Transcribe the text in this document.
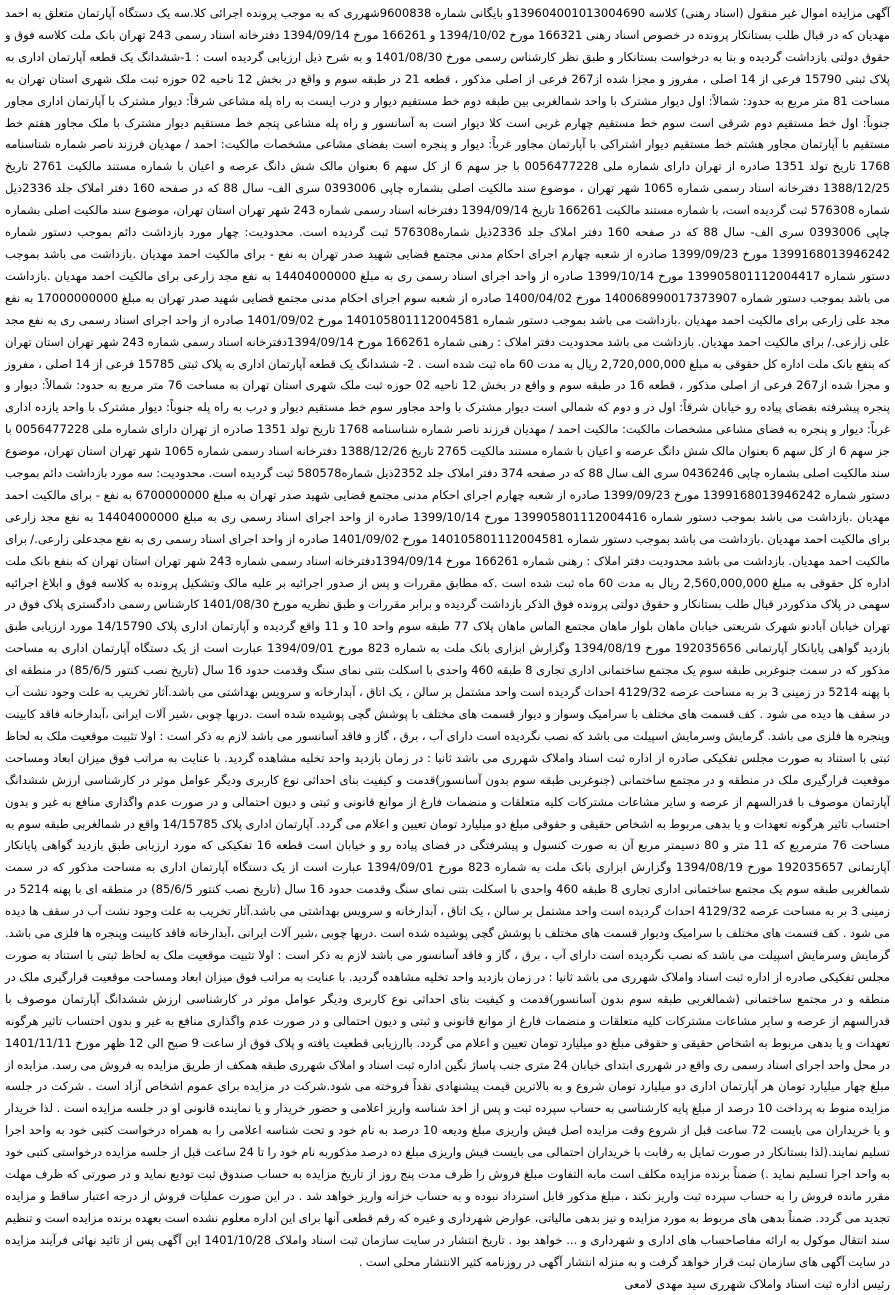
آگهی مزایده اموال غیر منقول (اسناد رهنی) کلاسه 139604001013004690و بایگانی شماره 9600838شهرری که به موجب پرونده اجرائی کلا.سه یک دستگاه آپارتمان متعلق به احمد مهدیان که در قبال طلب بستانکار پرونده در خصوص اسناد رهنی 166321 مورخ 1394/10/02 و 166261 مورخ 1394/09/14 دفترخانه اسناد رسمی 243 تهران بانک ملت کلاسه فوق و حقوق دولتی بازداشت گردیده و بنا به درخواست بستانکار و طبق نظر کارشناس رسمی مورخ 1401/08/30 و به شرح ذیل ارزیابی گردیده است : 1-ششدانگ یک قطعه آپارتمان اداری به پلاک ثبتی 15790 فرعی از 14 اصلی ، مفروز و مجزا شده از267 فرعی از اصلی مذکور ، قطعه 21 در طبقه سوم و واقع در بخش 12 ناحیه 02 حوزه ثبت ملک شهری استان تهران به مساحت 81 متر مربع به حدود: شمالاً: اول دیوار مشترک با واحد شمالغربی بین طبقه دوم خط مستقیم دیوار و درب ایست به راه پله مشاعی شرقاً: دیوار مشترک با آپارتمان اداری مجاور جنوباً: اول خط مستقیم دوم شرقی است سوم خط مستقیم چهارم غربی است کلا دیوار است به آسانسور و راه پله مشاعی پنجم خط مستقیم دیوار مشترک با ملک مجاور هفتم خط مستقیم با آپارتمان مجاور هشتم خط مستقیم دیوار اشتراکی با آپارتمان مجاور غرباً: دیوار و پنجره است بفضای مشاعی مشخصات مالکیت: احمد / مهدیان فرزند ناصر شماره شناسنامه 1768 تاریخ تولد 1351 صادره از تهران دارای شماره ملی 0056477228 با جز سهم 6 از کل سهم 6 بعنوان مالک شش دانگ عرصه و اعیان با شماره مستند مالکیت 2761 تاریخ 1388/12/25 دفترخانه اسناد رسمی شماره 1065 شهر تهران ، موضوع سند مالکیت اصلی بشماره چاپی 0393006 سری الف- سال 88 که در صفحه 160 دفتر املاک جلد 2336ذیل شماره 576308 ثبت گردیده است، با شماره مستند مالکیت 166261 تاریخ 1394/09/14 دفترخانه اسناد رسمی شماره 243 شهر تهران استان تهران، موضوع سند مالکیت اصلی بشماره چاپی 0393006 سری الف- سال 88 که در صفحه 160 دفتر املاک جلد 2336ذیل شماره576308 ثبت گردیده است. محدودیت: چهار مورد بازداشت دائم بموجب دستور شماره 1399168013946242 مورخ 1399/09/23 صادره از شعبه چهارم اجرای احکام مدنی مجتمع قضایی شهید صدر تهران به نفع - برای مالکیت احمد مهدیان .بازداشت می باشد بموجب دستور شماره 139905801112004417 مورخ 1399/10/14 صادره از واحد اجرای اسناد رسمی ری به مبلغ 14404000000 به نفع مجد زارعی برای مالکیت احمد مهدیان .بازداشت می باشد بموجب دستور شماره 140068990017373907 مورخ 1400/04/02 صادره از شعبه سوم اجرای احکام مدنی مجتمع قضایی شهید صدر تهران به مبلغ 17000000000 به نفع مجد علی زارعی برای مالکیت احمد مهدیان .بازداشت می باشد بموجب دستور شماره 140105801112004581 مورخ 1401/09/02 صادره از واحد اجرای اسناد رسمی ری به نفع مجد علی زارعی./ برای مالکیت احمد مهدیان. بازداشت می باشد محدودیت دفتر املاک : رهنی شماره 166261 مورخ 1394/09/14دفترخانه اسناد رسمی شماره 243 شهر تهران استان تهران که بنفع بانک ملت اداره کل حقوقی به مبلغ 2,720,000,000 ریال به مدت 60 ماه ثبت شده است . 2- ششدانگ یک قطعه آپارتمان اداری به پلاک ثبتی 15785 فرعی از 14 اصلی ، مفروز و مجزا شده از267 فرعی از اصلی مذکور ، قطعه 16 در طبقه سوم و واقع در بخش 12 ناحیه 02 حوزه ثبت ملک شهری استان تهران به مساحت 76 متر مربع به حدود: شمالاً: دیوار و پنجره پیشرفته بفضای پیاده رو خیابان شرقاً: اول در و دوم که شمالی است دیوار مشترک با واحد مجاور سوم خط مستقیم دیوار و درب به راه پله جنوباً: دیوار مشترک با واحد یازده اداری غرباً: دیوار و پنجره به فضای مشاعی مشخصات مالکیت: مالکیت احمد / مهدیان فرزند ناصر شماره شناسنامه 1768 تاریخ تولد 1351 صادره از تهران دارای شماره ملی 0056477228 با جز سهم 6 از کل سهم 6 بعنوان مالک شش دانگ عرصه و اعیان با شماره مستند مالکیت 2765 تاریخ 1388/12/26 دفترخانه اسناد رسمی شماره 1065 شهر تهران استان تهران، موضوع سند مالکیت اصلی بشماره چاپی 0436246 سری الف سال 88 که در صفحه 374 دفتر املاک جلد 2352ذیل شماره580578 ثبت گردیده است. محدودیت: سه مورد بازداشت دائم بموجب دستور شماره 1399168013946242 مورخ 1399/09/23 صادره از شعبه چهارم اجرای احکام مدنی مجتمع قضایی شهید صدر تهران به مبلغ 6700000000 به نفع - برای مالکیت احمد مهدیان .بازداشت می باشد بموجب دستور شماره 139905801112004416 مورخ 1399/10/14 صادره از واحد اجرای اسناد رسمی ری به مبلغ 14404000000 به نفع مجد زارعی برای مالکیت احمد مهدیان .بازداشت می باشد بموجب دستور شماره 140105801112004581 مورخ 1401/09/02 صادره از واحد اجرای اسناد رسمی ری به نفع مجدعلی زارعی./ برای مالکیت احمد مهدیان. بازداشت می باشد محدودیت دفتر املاک : رهنی شماره 166261 مورخ 1394/09/14دفترخانه اسناد رسمی شماره 243 شهر تهران استان تهران که بنفع بانک ملت اداره کل حقوقی به مبلغ 2,560,000,000 ریال به مدت 60 ماه ثبت شده است .که مطابق مقررات و پس از صدور اجرائیه بر علیه مالک وتشکیل پرونده به کلاسه فوق و ابلاغ اجرائیه سهمی در پلاک مذکوردر قبال طلب بستانکار و حقوق دولتی پرونده فوق الذکر بازداشت گردیده و برابر مقررات و طبق نظریه مورخ 1401/08/30 کارشناس رسمی دادگستری پلاک فوق در تهران خیابان آبادنو شهرک شریعتی خیابان ماهان بلوار ماهان مجتمع الماس ماهان پلاک 77 طبقه سوم واحد 10 و 11 واقع گردیده و آپارتمان اداری پلاک 14/15790 مورد ارزیابی طبق بازدید گواهی پایانکار آپارتمانی 192035656 مورخ 1394/08/19 وگزارش ابزاری بانک ملت به شماره 823 مورخ 1394/09/01 عبارت است از یک دستگاه آپارتمان اداری به مساحت مذکور که در سمت جنوغربی طبقه سوم یک مجتمع ساختمانی اداری تجاری 8 طبقه 460 واحدی با اسکلت بتنی نمای سنگ وقدمت حدود 16 سال (تاریخ نصب کنتور 85/6/5) در منطقه ای با پهنه 5214 در زمینی 3 بر به مساحت عرصه 4129/32 احداث گردیده است واحد مشتمل بر سالن ، یک اتاق ، آبدارخانه و سرویس بهداشتی می باشد.آثار تخریب به علت وجود نشت آب در سقف ها دیده می شود . کف قسمت های مختلف با سرامیک وسوار و دیوار قسمت های مختلف با پوشش گچی پوشیده شده است .دربها چوبی ،شیر آلات ایرانی ،آبدارخانه فاقد کابینت وپنجره ها فلزی می باشد. گرمایش وسرمایش اسپیلت می باشد که نصب نگردیده است دارای آب ، برق ، گاز و فاقد آسانسور می باشد لازم به ذکر است : اولا تثبیت موقعیت ملک به لحاظ ثبتی با استناد به صورت مجلس تفکیکی صادره از اداره ثبت اسناد واملاک شهرری می باشد ثانیا : در زمان بازدید واحد تخلیه مشاهده گردید. با عنایت به مراتب فوق میزان ابعاد ومساحت موقعیت قرارگیری ملک در منطقه و در مجتمع ساختمانی (جنوغربی طبقه سوم بدون آسانسور)قدمت و کیفیت بنای احداثی نوع کاربری ودیگر عوامل موثر در کارشناسی ارزش ششدانگ آپارتمان موصوف با قدرالسهم از عرصه و سایر مشاعات مشترکات کلیه متعلقات و منضمات فارغ از موانع قانونی و ثبتی و دیون احتمالی و در صورت عدم واگذاری منافع به غیر و بدون احتساب تاثیر هرگونه تعهدات و یا بدهی مربوط به اشخاص حقیقی و حقوقی مبلغ دو میلیارد تومان تعیین و اعلام می گردد. آپارتمان اداری پلاک 14/15785 واقع در شمالغربی طبقه سوم به مساحت 76 مترمربع که 11 متر و 80 دسیمتر مربع آن به صورت کنسول و پیشرفتگی در فضای پیاده رو و خیابان است قطعه 16 تفکیکی که مورد ارزیابی طبق بازدید گواهی پایانکار آپارتمانی 192035657 مورخ 1394/08/19 وگزارش ابزاری بانک ملت به شماره 823 مورخ 1394/09/01 عبارت است از یک دستگاه آپارتمان اداری به مساحت مذکور که در سمت شمالغربی طبقه سوم یک مجتمع ساختمانی اداری تجاری 8 طبقه 460 واحدی با اسکلت بتنی نمای سنگ وقدمت حدود 16 سال (تاریخ نصب کنتور 85/6/5) در منطقه ای با پهنه 5214 در زمینی 3 بر به مساحت عرصه 4129/32 احداث گردیده است واحد مشتمل بر سالن ، یک اتاق ، آبدارخانه و سرویس بهداشتی می باشد.آثار تخریب به علت وجود نشت آب در سقف ها دیده می شود . کف قسمت های مختلف با سرامیک ودیوار قسمت های مختلف با پوشش گچی پوشیده شده است .دربها چوبی ،شیر آلات ایرانی ،آبدارخانه فاقد کابینت وپنجره ها فلزی می باشد. گرمایش وسرمایش اسپیلت می باشد که نصب نگردیده است دارای آب ، برق ، گاز و فاقد آسانسور می باشد لازم به ذکر است : اولا تثبیت موقعیت ملک به لحاظ ثبتی با استناد به صورت مجلس تفکیکی صادره از اداره ثبت اسناد واملاک شهرری می باشد ثانیا : در زمان بازدید واحد تخلیه مشاهده گردید. با عنایت به مراتب فوق میزان ابعاد ومساحت موقعیت قرارگیری ملک در منطقه و در مجتمع ساختمانی (شمالغربی طبقه سوم بدون آسانسور)قدمت و کیفیت بنای احداثی نوع کاربری ودیگر عوامل موثر در کارشناسی ارزش ششدانگ آپارتمان موصوف با قدرالسهم از عرصه و سایر مشاعات مشترکات کلیه متعلقات و منضمات فارغ از موانع قانونی و ثبتی و دیون احتمالی و در صورت عدم واگذاری منافع به غیر و بدون احتساب تاثیر هرگونه تعهدات و یا بدهی مربوط به اشخاص حقیقی و حقوقی مبلغ دو میلیارد تومان تعیین و اعلام می گردد. باارزیابی قطعیت یافته و پلاک فوق از ساعت 9 صبح الی 12 ظهر مورخ 1401/11/11 در محل واحد اجرای اسناد رسمی ری واقع در شهرری ابتدای خیابان 24 متری جنب پاساژ نگین اداره ثبت اسناد و املاک شهرری طبقه همکف از طریق مزایده به فروش می رسد. مزایده از مبلغ چهار میلیارد تومان هر آپارتمان اداری دو میلیارد تومان شروع و به بالاترین قیمت پیشنهادی نقداً فروخته می شود.شرکت در مزایده برای عموم اشخاص آزاد است . شرکت در جلسه مزایده منوط به پرداخت 10 درصد از مبلغ پایه کارشناسی به حساب سپرده ثبت و پس از اخذ شناسه واریز اعلامی و حضور خریدار و یا نماینده قانونی او در جلسه مزایده است . لذا خریدار و یا خریداران می بایست 72 ساعت قبل از شروع وقت مزایده اصل فیش واریزی مبلغ ودیعه 10 درصد به نام خود و تحت شناسه اعلامی را به همراه درخواست کتبی خود به واحد اجرا تسلیم نمایند.(لذا بستانکار در صورت تمایل به رقابت با خریداران احتمالی می بایست فیش واریزی مبلغ ده درصد مذکوربه نام خود را تا 24 ساعت قبل از جلسه مزایده درخواستی کتبی خود به واحد اجرا تسلیم نماید .) ضمناً برنده مزایده مکلف است مابه التفاوت مبلغ فروش را ظرف مدت پنج روز از تاریخ مزایده به حساب صندوق ثبت تودیع نماید و در صورتی که ظرف مهلت مقرر مانده فروش را به حساب سپرده ثبت واریز نکند ، مبلغ مذکور قابل استرداد نبوده و به حساب خزانه واریز خواهد شد . در این صورت عملیات فروش از درجه اعتبار ساقط و مزایده تجدید می گردد. ضمناً بدهی های مربوط به مورد مزایده و نیز بدهی مالیاتی، عوارض شهرداری و غیره که رقم قطعی آنها برای این اداره معلوم نشده است بعهده برنده مزایده است و تنظیم سند انتقال موکول به ارائه مفاصاحساب های اداری و شهرداری و ... خواهد بود . تاریخ انتشار در سایت سازمان ثبت اسناد واملاک 1401/10/28 این آگهی پس از تائید نهائی فرآیند مزایده در سایت آگهی های سازمان ثبت قرار خواهد گرفت و به منزله انتشار آگهی در روزنامه کثیر الانتشار محلی است .

رئیس اداره ثبت اسناد واملاک شهرری سید مهدی لامعی
